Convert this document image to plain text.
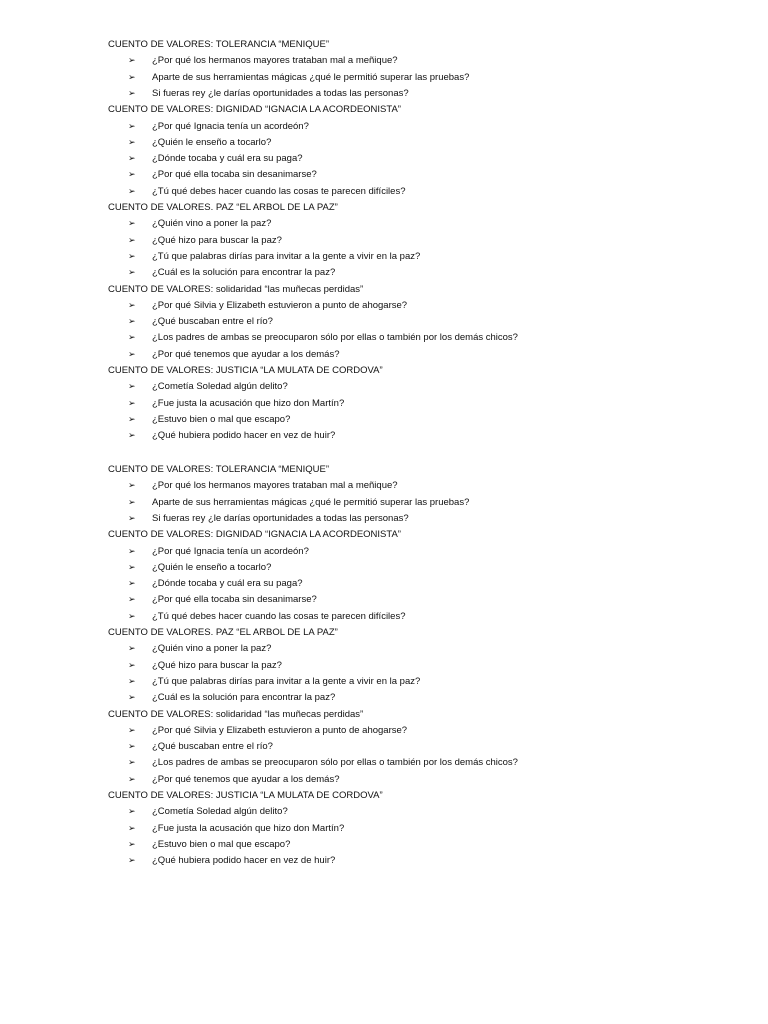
CUENTO DE VALORES: TOLERANCIA “MENIQUE”
➢ ¿Por qué los hermanos mayores trataban mal a meñique?
➢ Aparte de sus herramientas mágicas ¿qué le permitió superar las pruebas?
➢ Si fueras rey ¿le darías oportunidades a todas las personas?
CUENTO DE VALORES: DIGNIDAD “IGNACIA LA ACORDEONISTA”
➢ ¿Por qué Ignacia tenía un acordeón?
➢ ¿Quién le enseño a tocarlo?
➢ ¿Dónde tocaba y cuál era su paga?
➢ ¿Por qué ella tocaba sin desanimarse?
➢ ¿Tú qué debes hacer cuando las cosas te parecen difíciles?
CUENTO DE VALORES. PAZ “EL ARBOL DE LA PAZ”
➢ ¿Quién vino a poner la paz?
➢ ¿Qué hizo para buscar la paz?
➢ ¿Tú que palabras dirías para invitar a la gente a vivir en la paz?
➢ ¿Cuál es la solución para encontrar la paz?
CUENTO DE VALORES: solidaridad “las muñecas perdidas”
➢ ¿Por qué Silvia y Elizabeth estuvieron a punto de ahogarse?
➢ ¿Qué buscaban entre el río?
➢ ¿Los padres de ambas se preocuparon sólo por ellas o también por los demás chicos?
➢ ¿Por qué tenemos que ayudar a los demás?
CUENTO DE VALORES: JUSTICIA “LA MULATA DE CORDOVA”
➢ ¿Cometía Soledad algún delito?
➢ ¿Fue justa la acusación que hizo don Martín?
➢ ¿Estuvo bien o mal que escapo?
➢ ¿Qué hubiera podido hacer en vez de huir?
CUENTO DE VALORES: TOLERANCIA “MENIQUE”
➢ ¿Por qué los hermanos mayores trataban mal a meñique?
➢ Aparte de sus herramientas mágicas ¿qué le permitió superar las pruebas?
➢ Si fueras rey ¿le darías oportunidades a todas las personas?
CUENTO DE VALORES: DIGNIDAD “IGNACIA LA ACORDEONISTA”
➢ ¿Por qué Ignacia tenía un acordeón?
➢ ¿Quién le enseño a tocarlo?
➢ ¿Dónde tocaba y cuál era su paga?
➢ ¿Por qué ella tocaba sin desanimarse?
➢ ¿Tú qué debes hacer cuando las cosas te parecen difíciles?
CUENTO DE VALORES. PAZ “EL ARBOL DE LA PAZ”
➢ ¿Quién vino a poner la paz?
➢ ¿Qué hizo para buscar la paz?
➢ ¿Tú que palabras dirías para invitar a la gente a vivir en la paz?
➢ ¿Cuál es la solución para encontrar la paz?
CUENTO DE VALORES: solidaridad “las muñecas perdidas”
➢ ¿Por qué Silvia y Elizabeth estuvieron a punto de ahogarse?
➢ ¿Qué buscaban entre el río?
➢ ¿Los padres de ambas se preocuparon sólo por ellas o también por los demás chicos?
➢ ¿Por qué tenemos que ayudar a los demás?
CUENTO DE VALORES: JUSTICIA “LA MULATA DE CORDOVA”
➢ ¿Cometía Soledad algún delito?
➢ ¿Fue justa la acusación que hizo don Martín?
➢ ¿Estuvo bien o mal que escapo?
➢ ¿Qué hubiera podido hacer en vez de huir?
